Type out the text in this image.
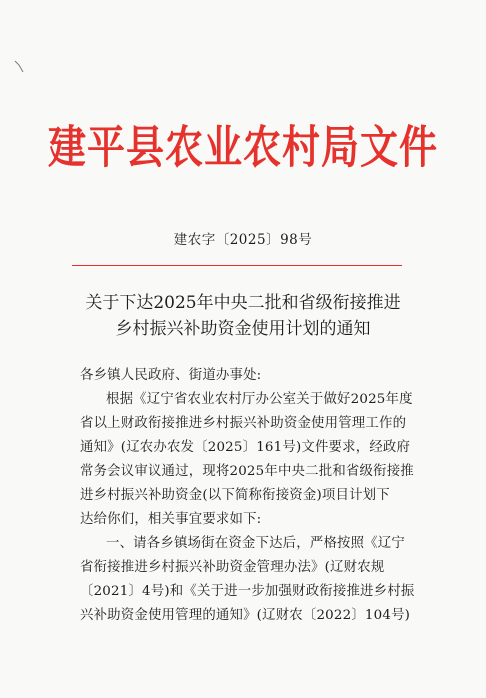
建平县农业农村局文件
建农字〔2025〕98号
关于下达2025年中央二批和省级衔接推进
乡村振兴补助资金使用计划的通知

各乡镇人民政府、街道办事处:

根据《辽宁省农业农村厅办公室关于做好2025年度
省以上财政衔接推进乡村振兴补助资金使用管理工作的
通知》(辽农办农发〔2025〕161号)文件要求，经政府
常务会议审议通过，现将2025年中央二批和省级衔接推
进乡村振兴补助资金(以下简称衔接资金)项目计划下
达给你们，相关事宜要求如下:

一、请各乡镇场街在资金下达后，严格按照《辽宁
省衔接推进乡村振兴补助资金管理办法》(辽财农规
〔2021〕4号)和《关于进一步加强财政衔接推进乡村振
兴补助资金使用管理的通知》(辽财农〔2022〕104号)
